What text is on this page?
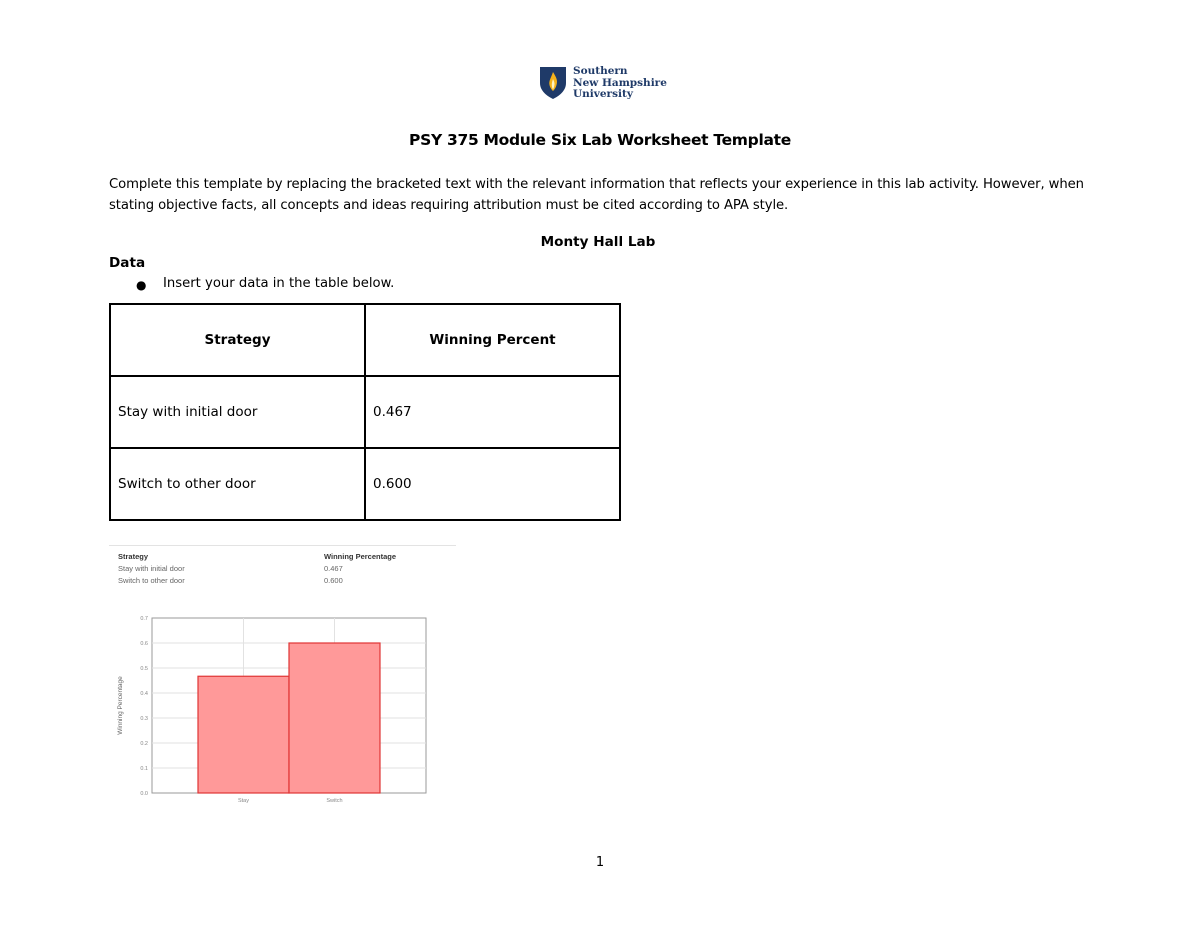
Southern
New Hampshire
University
PSY 375 Module Six Lab Worksheet Template
Complete this template by replacing the bracketed text with the relevant information that reflects your experience in this lab activity. However, when stating objective facts, all concepts and ideas requiring attribution must be cited according to APA style.
Monty Hall Lab
Data
●	Insert your data in the table below.
Strategy	Winning Percent
Stay with initial door	0.467
Switch to other door	0.600
Strategy	Winning Percentage
Stay with initial door	0.467
Switch to other door	0.600
0.0
0.1
0.2
0.3
0.4
0.5
0.6
0.7
Stay	Switch
Winning Percentage
1
